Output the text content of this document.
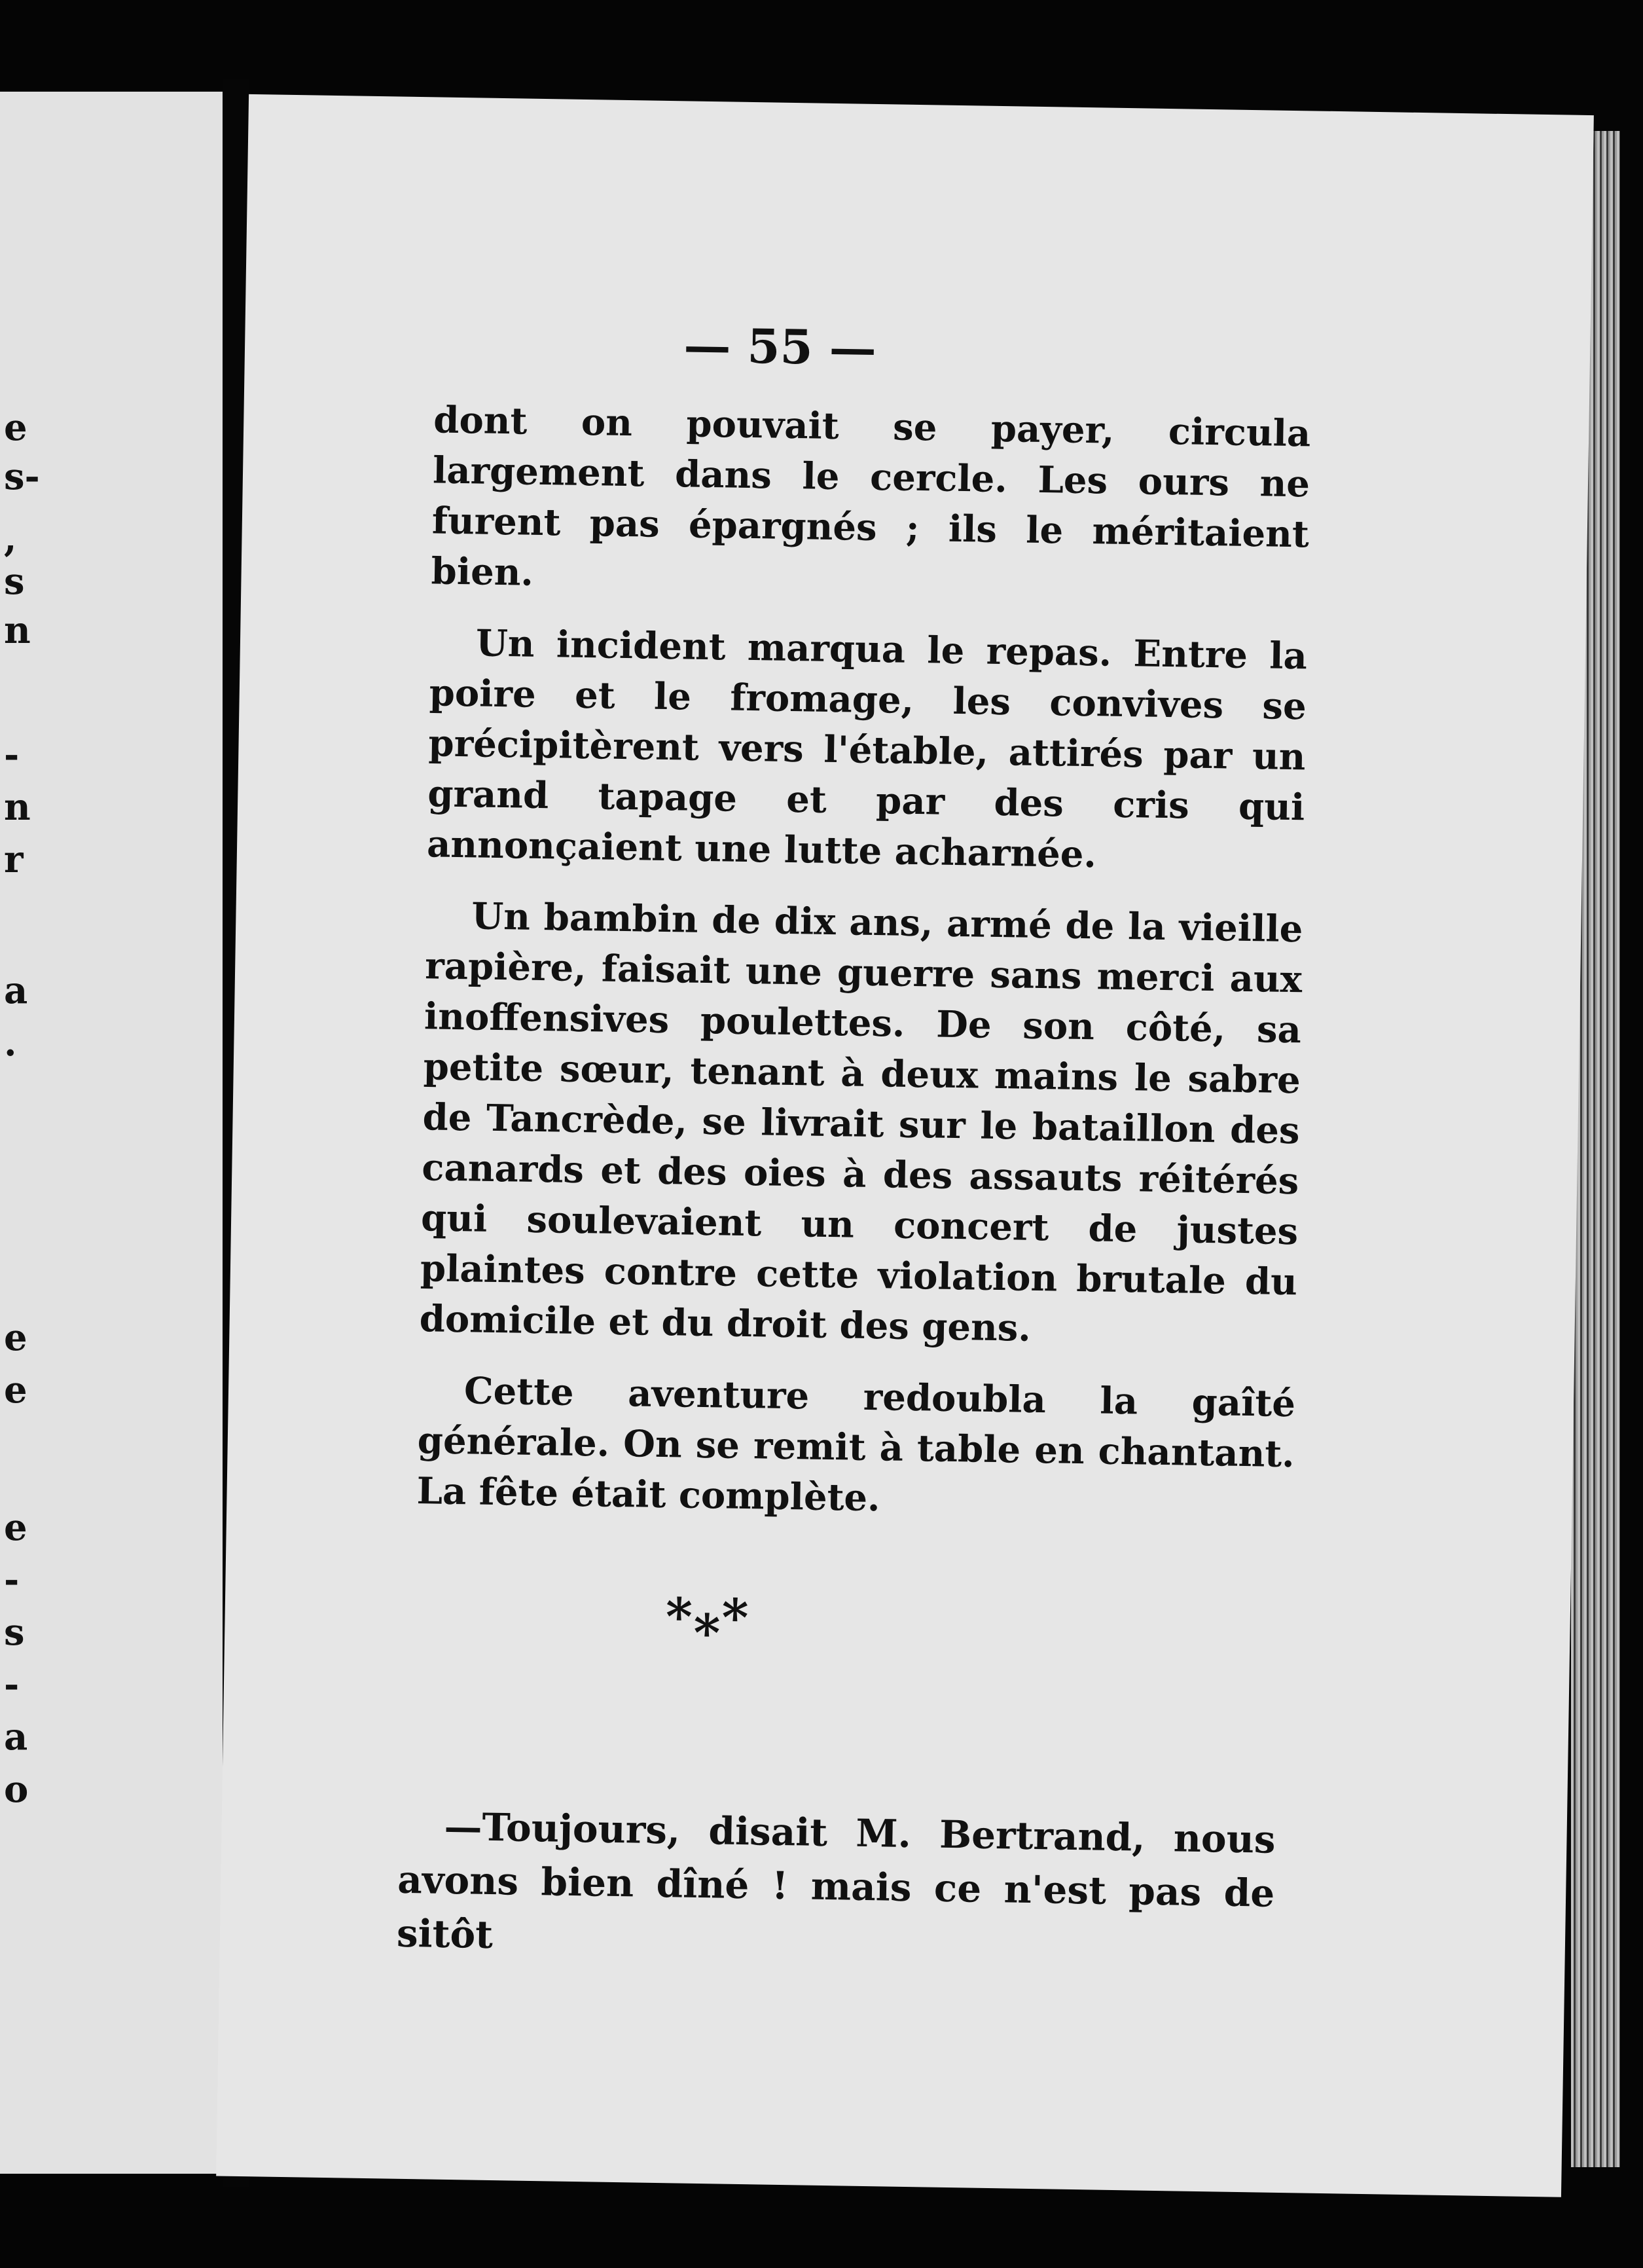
e
s-
,
s
n
-
n
r
a
.
e
e
e
-
s
-
a
o
— 55 —

dont on pouvait se payer, circula largement dans le cercle. Les ours ne furent pas épargnés ; ils le méritaient bien.

Un incident marqua le repas. Entre la poire et le fromage, les convives se précipitèrent vers l'étable, attirés par un grand tapage et par des cris qui annonçaient une lutte acharnée.

Un bambin de dix ans, armé de la vieille rapière, faisait une guerre sans merci aux inoffensives poulettes. De son côté, sa petite sœur, tenant à deux mains le sabre de Tancrède, se livrait sur le bataillon des canards et des oies à des assauts réitérés qui soulevaient un concert de justes plaintes contre cette violation brutale du domicile et du droit des gens.

Cette aventure redoubla la gaîté générale. On se remit à table en chantant. La fête était complète.

***

—Toujours, disait M. Bertrand, nous avons bien dîné ! mais ce n'est pas de sitôt
